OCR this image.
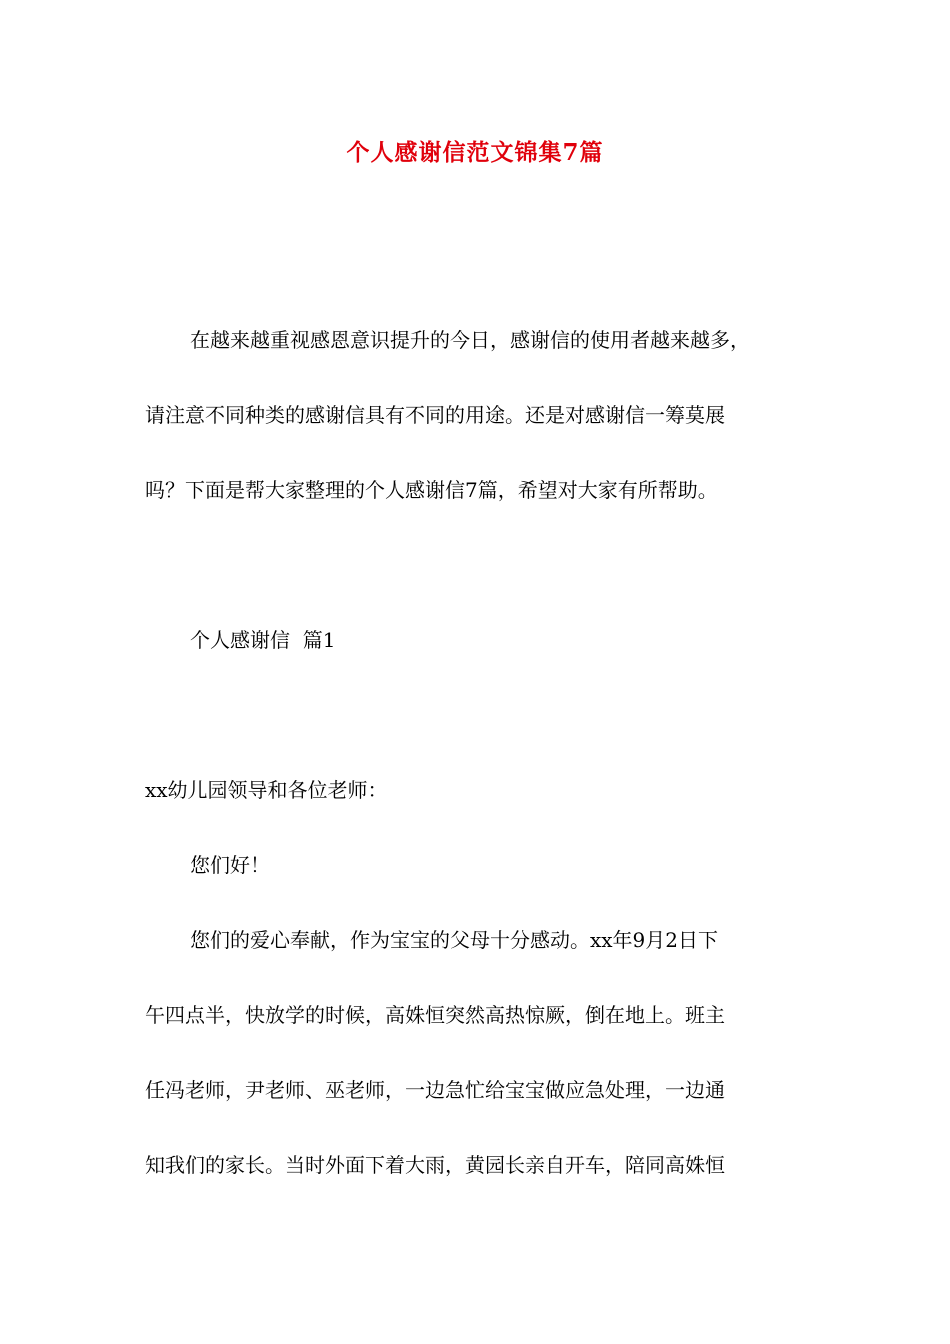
个人感谢信范文锦集7篇
在越来越重视感恩意识提升的今日，感谢信的使用者越来越多，
请注意不同种类的感谢信具有不同的用途。还是对感谢信一筹莫展
吗？下面是帮大家整理的个人感谢信7篇，希望对大家有所帮助。
个人感谢信  篇1
xx幼儿园领导和各位老师：
您们好！
您们的爱心奉献，作为宝宝的父母十分感动。xx年9月2日下
午四点半，快放学的时候，高姝恒突然高热惊厥，倒在地上。班主
任冯老师，尹老师、巫老师，一边急忙给宝宝做应急处理，一边通
知我们的家长。当时外面下着大雨，黄园长亲自开车，陪同高姝恒
